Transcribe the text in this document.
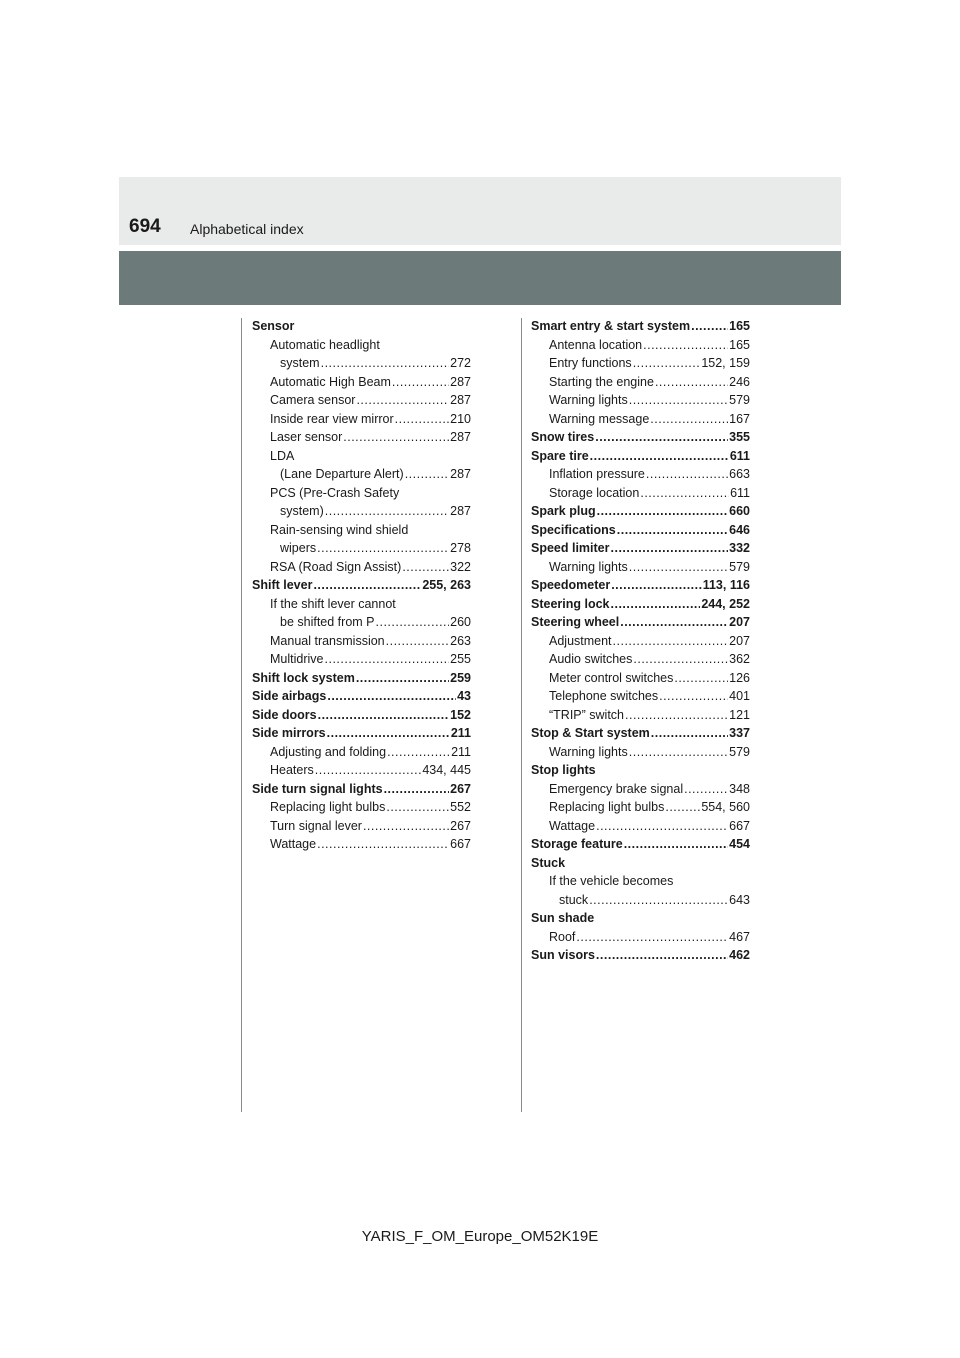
694 Alphabetical index
Sensor
Automatic headlight
system .....	272
Automatic High Beam .....	287
Camera sensor .....	287
Inside rear view mirror .....	210
Laser sensor .....	287
LDA
(Lane Departure Alert) .....	287
PCS (Pre-Crash Safety
system) .....	287
Rain-sensing wind shield
wipers .....	278
RSA (Road Sign Assist) .....	322
Shift lever .....	255, 263
If the shift lever cannot
be shifted from P .....	260
Manual transmission .....	263
Multidrive .....	255
Shift lock system .....	259
Side airbags .....	43
Side doors .....	152
Side mirrors .....	211
Adjusting and folding .....	211
Heaters .....	434, 445
Side turn signal lights .....	267
Replacing light bulbs .....	552
Turn signal lever .....	267
Wattage .....	667
Smart entry & start system .....	165
Antenna location .....	165
Entry functions .....	152, 159
Starting the engine .....	246
Warning lights .....	579
Warning message .....	167
Snow tires .....	355
Spare tire .....	611
Inflation pressure .....	663
Storage location .....	611
Spark plug .....	660
Specifications .....	646
Speed limiter .....	332
Warning lights .....	579
Speedometer .....	113, 116
Steering lock .....	244, 252
Steering wheel .....	207
Adjustment .....	207
Audio switches .....	362
Meter control switches .....	126
Telephone switches .....	401
“TRIP” switch .....	121
Stop & Start system .....	337
Warning lights .....	579
Stop lights
Emergency brake signal .....	348
Replacing light bulbs .....	554, 560
Wattage .....	667
Storage feature .....	454
Stuck
If the vehicle becomes
stuck .....	643
Sun shade
Roof .....	467
Sun visors .....	462
YARIS_F_OM_Europe_OM52K19E
